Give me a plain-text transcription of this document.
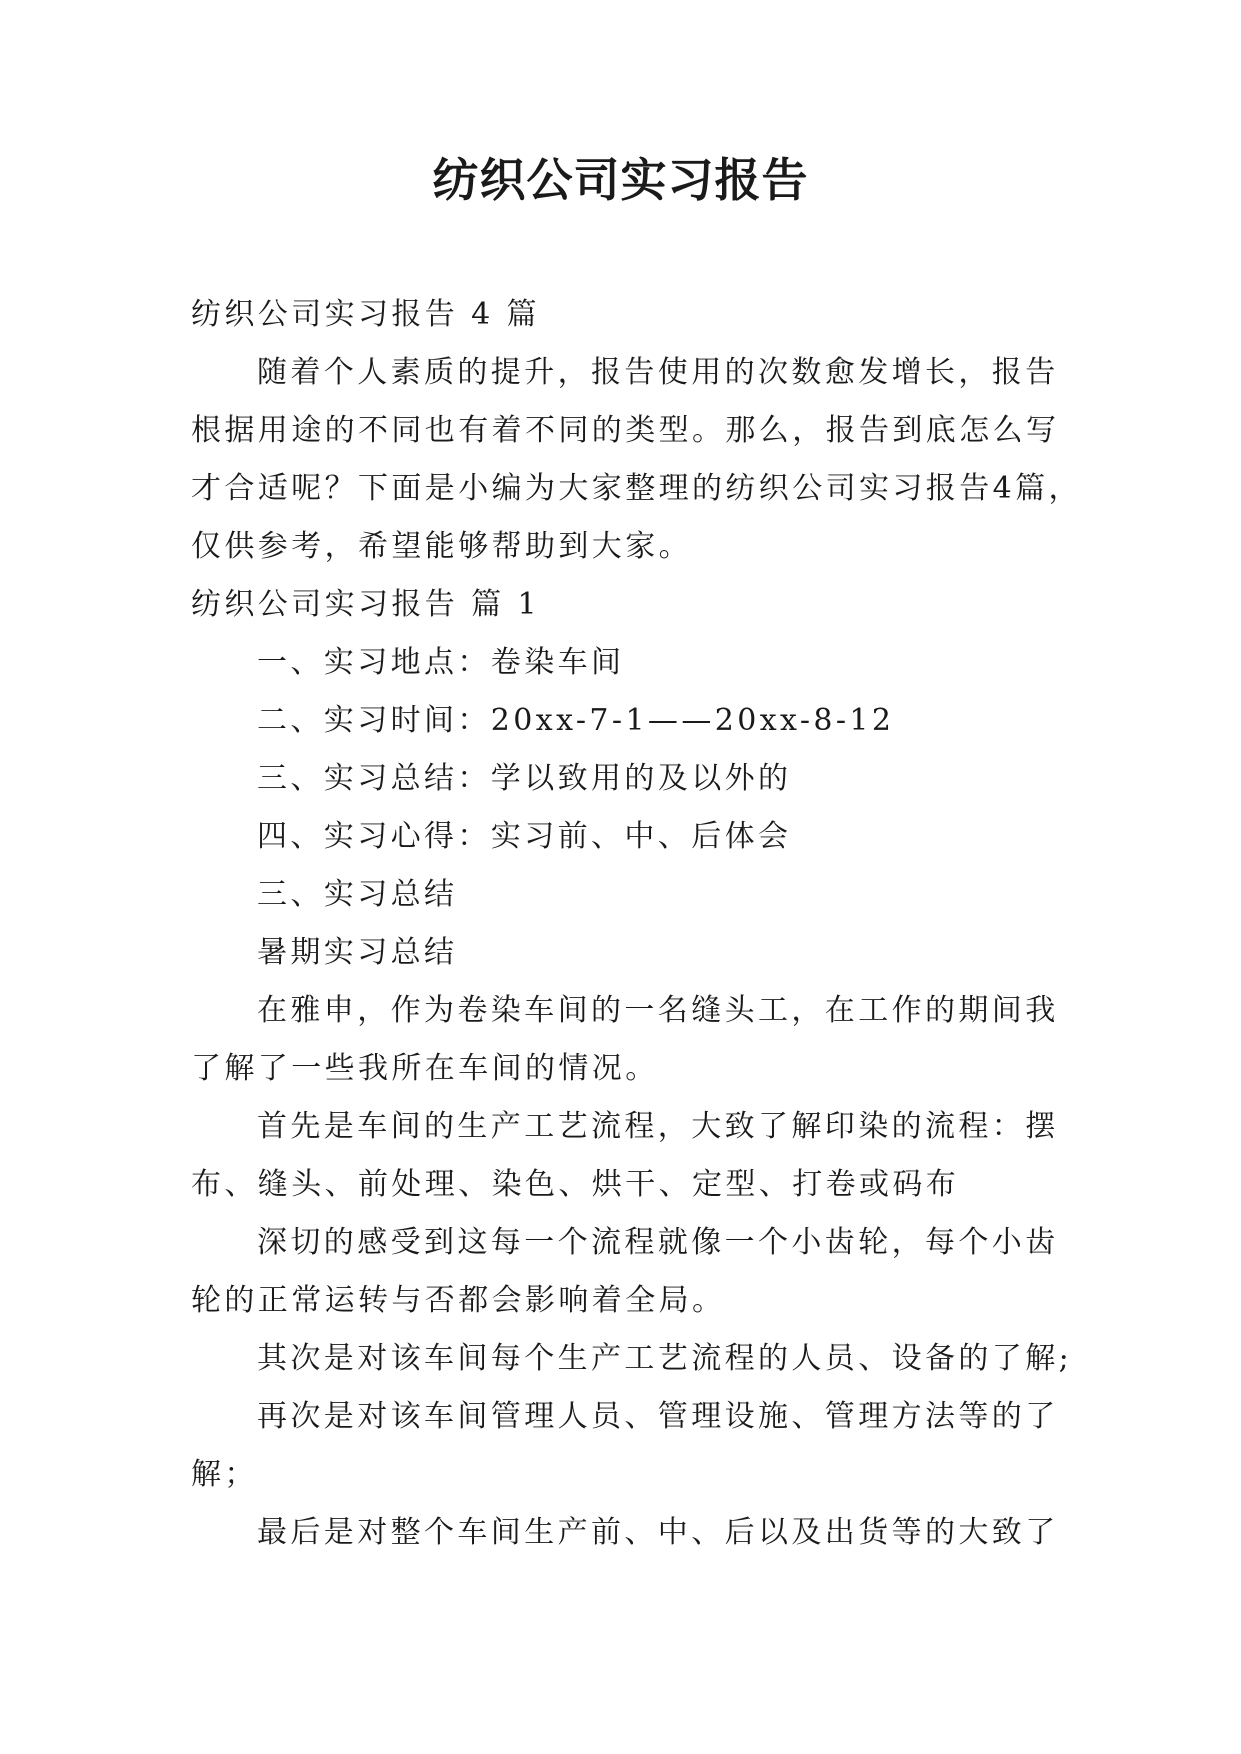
纺织公司实习报告
纺织公司实习报告 4 篇
随着个人素质的提升，报告使用的次数愈发增长，报告
根据用途的不同也有着不同的类型。那么，报告到底怎么写
才合适呢？下面是小编为大家整理的纺织公司实习报告4篇，
仅供参考，希望能够帮助到大家。
纺织公司实习报告 篇 1
一、实习地点：卷染车间
二、实习时间：20xx-7-1——20xx-8-12
三、实习总结：学以致用的及以外的
四、实习心得：实习前、中、后体会
三、实习总结
暑期实习总结
在雅申，作为卷染车间的一名缝头工，在工作的期间我
了解了一些我所在车间的情况。
首先是车间的生产工艺流程，大致了解印染的流程：摆
布、缝头、前处理、染色、烘干、定型、打卷或码布
深切的感受到这每一个流程就像一个小齿轮，每个小齿
轮的正常运转与否都会影响着全局。
其次是对该车间每个生产工艺流程的人员、设备的了解;
再次是对该车间管理人员、管理设施、管理方法等的了
解；
最后是对整个车间生产前、中、后以及出货等的大致了
